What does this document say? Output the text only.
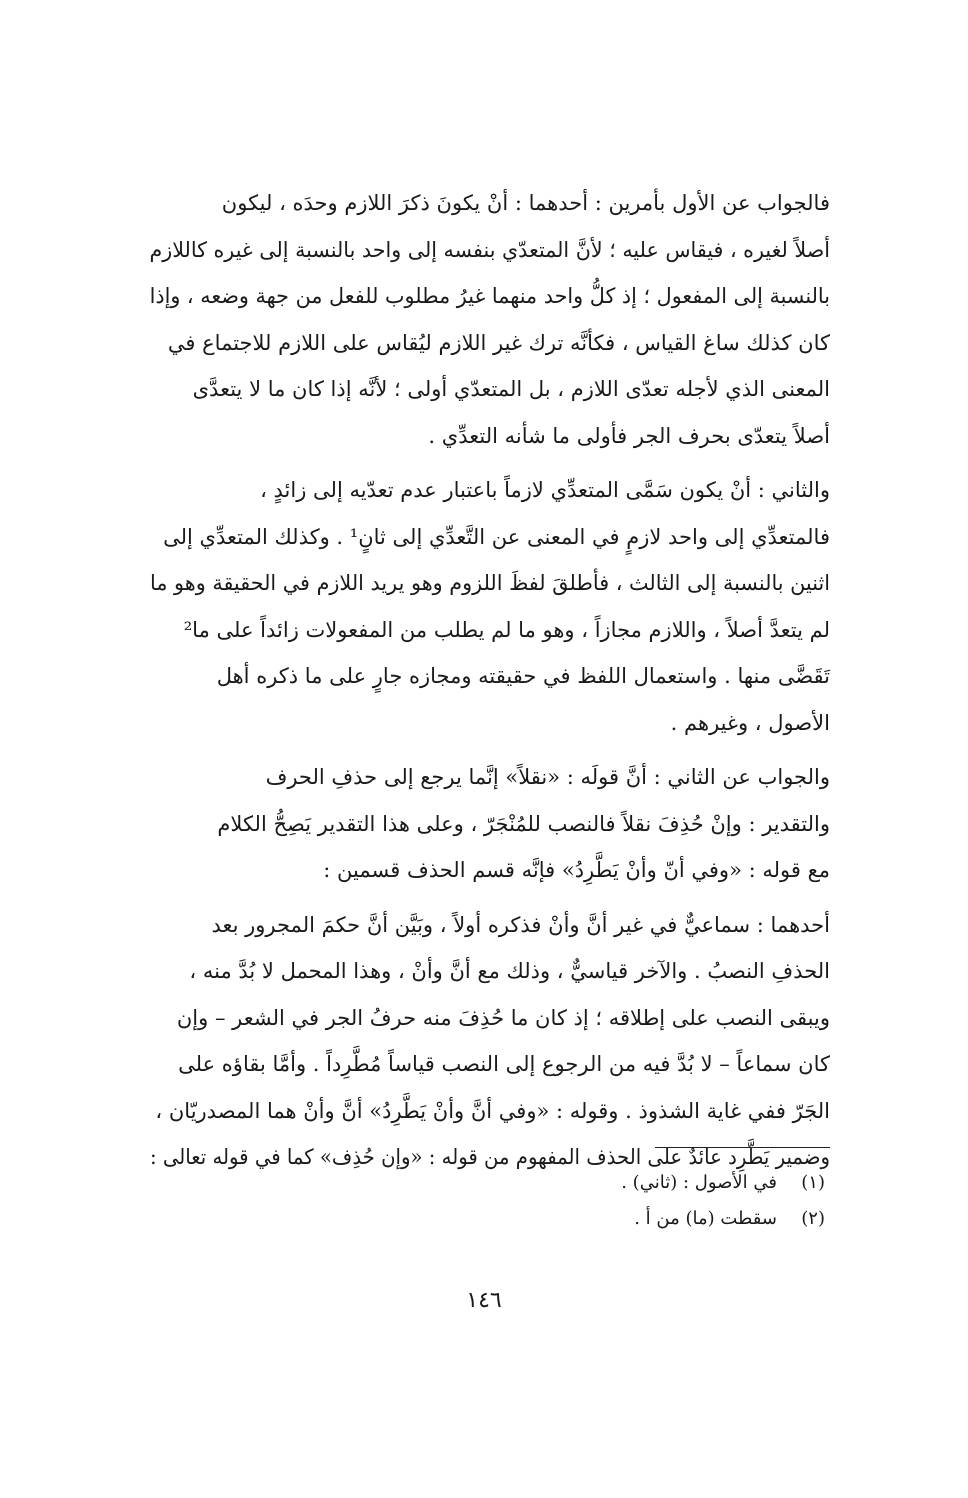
فالجواب عن الأول بأمرين : أحدهما : أنْ يكونَ ذكرَ اللازم وحدَه ، ليكون
أصلاً لغيره ، فيقاس عليه ؛ لأنَّ المتعدّي بنفسه إلى واحد بالنسبة إلى غيره كاللازم
بالنسبة إلى المفعول ؛ إذ كلُّ واحد منهما غيرُ مطلوب للفعل من جهة وضعه ، وإذا
كان كذلك ساغ القياس ، فكأنَّه ترك غير اللازم ليُقاس على اللازم للاجتماع في
المعنى الذي لأجله تعدّى اللازم ، بل المتعدّي أولى ؛ لأنَّه إذا كان ما لا يتعدَّى
أصلاً يتعدّى بحرف الجر فأولى ما شأنه التعدِّي .

والثاني : أنْ يكون سَمَّى المتعدِّي لازماً باعتبار عدم تعدّيه إلى زائدٍ ،
فالمتعدِّي إلى واحد لازمٍ في المعنى عن التَّعدِّي إلى ثانٍ¹ . وكذلك المتعدِّي إلى
اثنين بالنسبة إلى الثالث ، فأطلقَ لفظَ اللزوم وهو يريد اللازم في الحقيقة وهو ما
لم يتعدَّ أصلاً ، واللازم مجازاً ، وهو ما لم يطلب من المفعولات زائداً على ما²
تَقَضَّى منها . واستعمال اللفظ في حقيقته ومجازه جارٍ على ما ذكره أهل
الأصول ، وغيرهم .

والجواب عن الثاني : أنَّ قولَه : «نقلاً» إنَّما يرجع إلى حذفِ الحرف
والتقدير : وإنْ حُذِفَ نقلاً فالنصب للمُنْجَرّ ، وعلى هذا التقدير يَصِحُّ الكلام
مع قوله : «وفي أنّ وأنْ يَطَّرِدُ» فإنَّه قسم الحذف قسمين :

أحدهما : سماعيٌّ في غير أنَّ وأنْ فذكره أولاً ، وبَيَّن أنَّ حكمَ المجرور بعد
الحذفِ النصبُ . والآخر قياسيٌّ ، وذلك مع أنَّ وأنْ ، وهذا المحمل لا بُدَّ منه ،
ويبقى النصب على إطلاقه ؛ إذ كان ما حُذِفَ منه حرفُ الجر في الشعر – وإن
كان سماعاً – لا بُدَّ فيه من الرجوع إلى النصب قياساً مُطَّرِداً . وأمَّا بقاؤه على
الجَرّ ففي غاية الشذوذ . وقوله : «وفي أنَّ وأنْ يَطَّرِدُ» أنَّ وأنْ هما المصدريّان ،
وضمير يَطَّرِد عائدٌ على الحذف المفهوم من قوله : «وإن حُذِف» كما في قوله تعالى :

(١)
في الأصول : (ثاني) .
(٢)
سقطت (ما) من أ .
١٤٦
